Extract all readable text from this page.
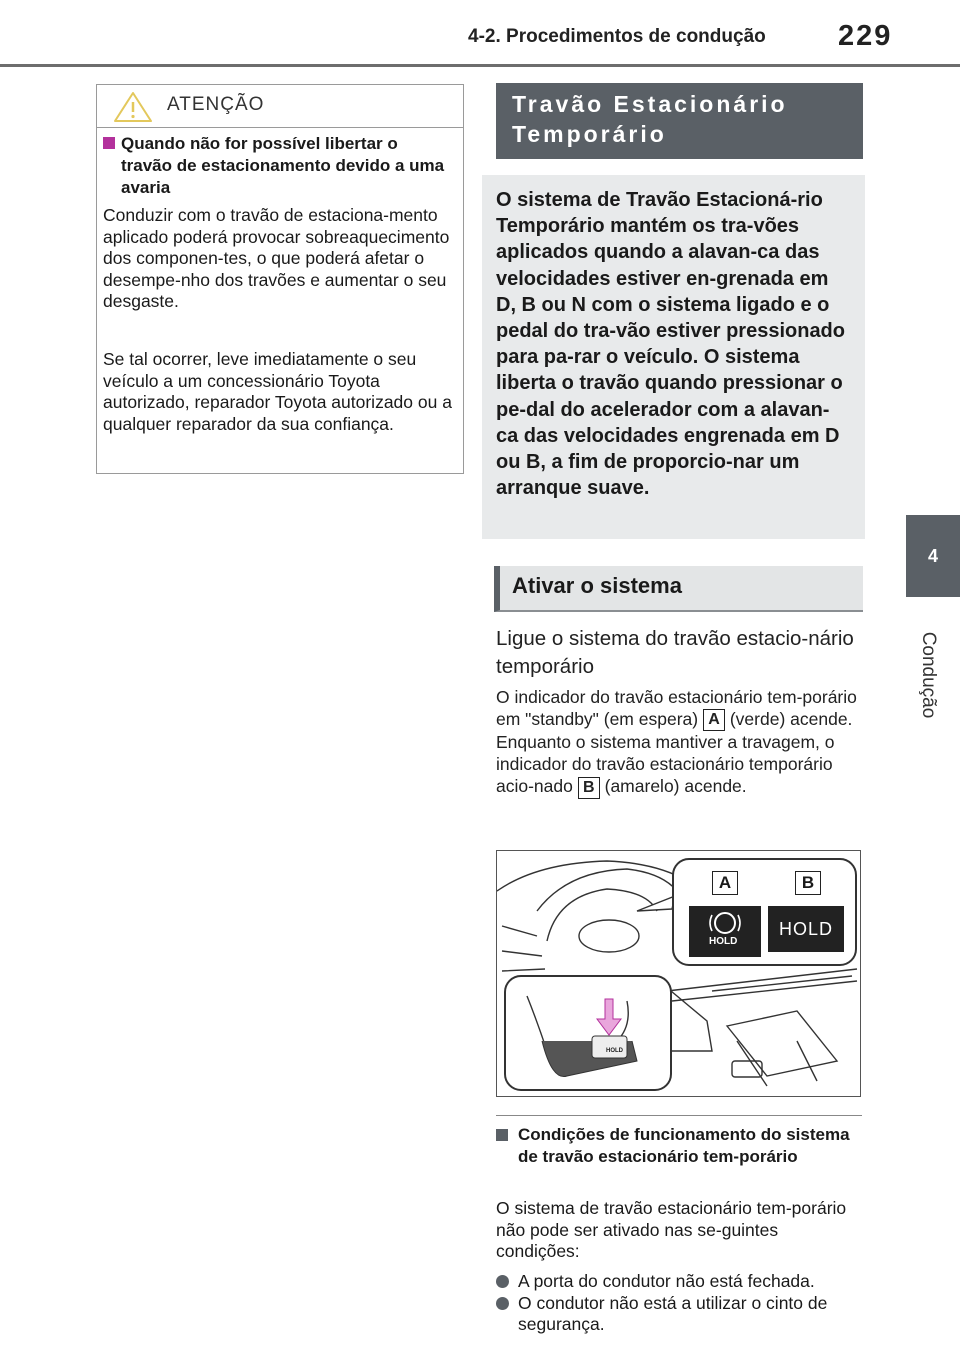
4-2. Procedimentos de condução 229
4
Condução
ATENÇÃO
Quando não for possível libertar o travão de estacionamento devido a uma avaria
Conduzir com o travão de estaciona-mento aplicado poderá provocar sobreaquecimento dos componen-tes, o que poderá afetar o desempe-nho dos travões e aumentar o seu desgaste.
Se tal ocorrer, leve imediatamente o seu veículo a um concessionário Toyota autorizado, reparador Toyota autorizado ou a qualquer reparador da sua confiança.
Travão Estacionário Temporário
O sistema de Travão Estacioná-rio Temporário mantém os tra-vões aplicados quando a alavan-ca das velocidades estiver en-grenada em D, B ou N com o sistema ligado e o pedal do tra-vão estiver pressionado para pa-rar o veículo. O sistema liberta o travão quando pressionar o pe-dal do acelerador com a alavan-ca das velocidades engrenada em D ou B, a fim de proporcio-nar um arranque suave.
Ativar o sistema
Ligue o sistema do travão estacio-nário temporário
O indicador do travão estacionário tem-porário em "standby" (em espera) A (verde) acende. Enquanto o sistema mantiver a travagem, o indicador do travão estacionário temporário acio-nado B (amarelo) acende.
A	B
HOLD
HOLD
HOLD
Condições de funcionamento do sistema de travão estacionário tem-porário
O sistema de travão estacionário tem-porário não pode ser ativado nas se-guintes condições:
A porta do condutor não está fechada.
O condutor não está a utilizar o cinto de segurança.
